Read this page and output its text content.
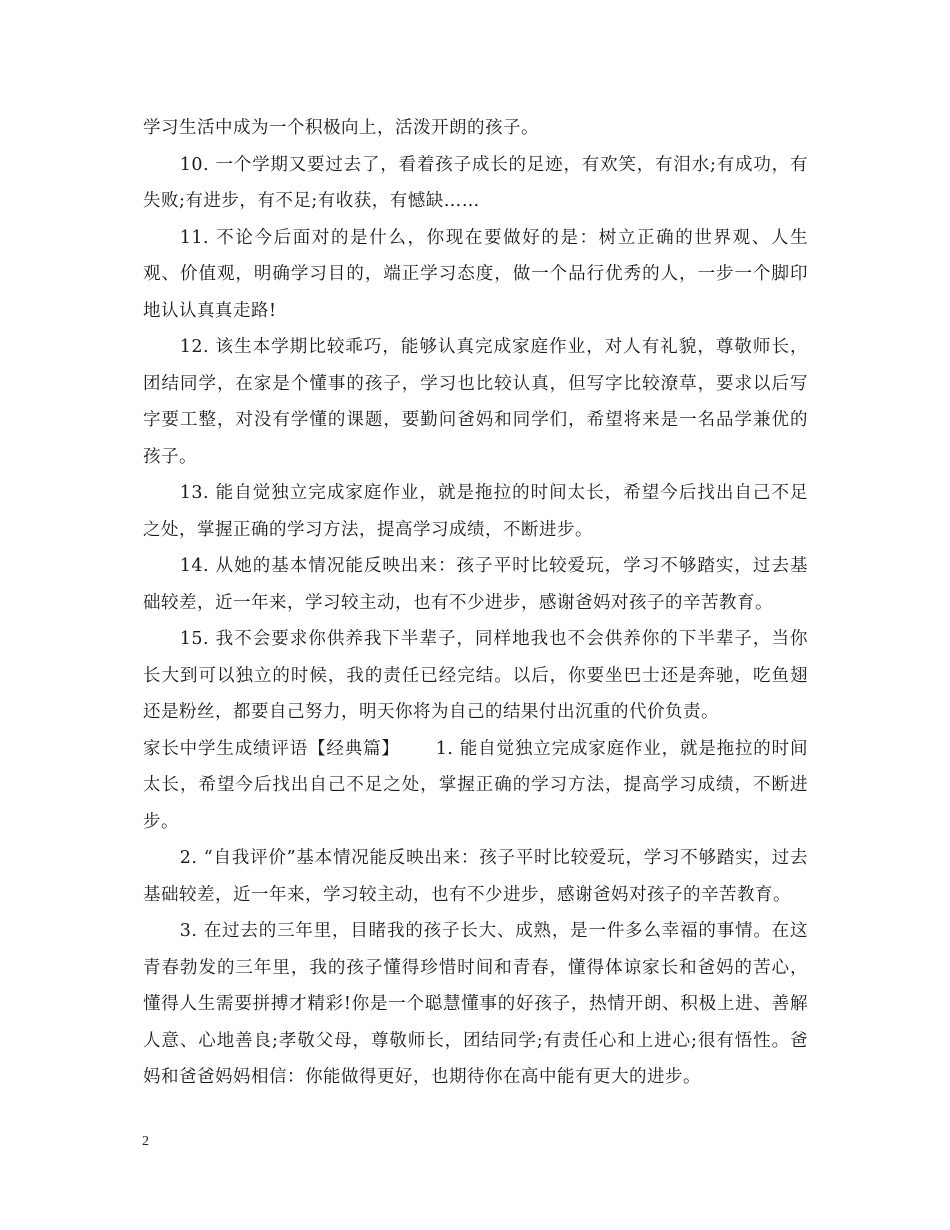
学习生活中成为一个积极向上，活泼开朗的孩子。

10. 一个学期又要过去了，看着孩子成长的足迹，有欢笑，有泪水;有成功，有失败;有进步，有不足;有收获，有憾缺……

11. 不论今后面对的是什么，你现在要做好的是：树立正确的世界观、人生观、价值观，明确学习目的，端正学习态度，做一个品行优秀的人，一步一个脚印地认认真真走路!

12. 该生本学期比较乖巧，能够认真完成家庭作业，对人有礼貌，尊敬师长，团结同学，在家是个懂事的孩子，学习也比较认真，但写字比较潦草，要求以后写字要工整，对没有学懂的课题，要勤问爸妈和同学们，希望将来是一名品学兼优的孩子。

13. 能自觉独立完成家庭作业，就是拖拉的时间太长，希望今后找出自己不足之处，掌握正确的学习方法，提高学习成绩，不断进步。

14. 从她的基本情况能反映出来：孩子平时比较爱玩，学习不够踏实，过去基础较差，近一年来，学习较主动，也有不少进步，感谢爸妈对孩子的辛苦教育。

15. 我不会要求你供养我下半辈子，同样地我也不会供养你的下半辈子，当你长大到可以独立的时候，我的责任已经完结。以后，你要坐巴士还是奔驰，吃鱼翅还是粉丝，都要自己努力，明天你将为自己的结果付出沉重的代价负责。

家长中学生成绩评语【经典篇】 1. 能自觉独立完成家庭作业，就是拖拉的时间太长，希望今后找出自己不足之处，掌握正确的学习方法，提高学习成绩，不断进步。

2. “自我评价”基本情况能反映出来：孩子平时比较爱玩，学习不够踏实，过去基础较差，近一年来，学习较主动，也有不少进步，感谢爸妈对孩子的辛苦教育。

3. 在过去的三年里，目睹我的孩子长大、成熟，是一件多么幸福的事情。在这青春勃发的三年里，我的孩子懂得珍惜时间和青春，懂得体谅家长和爸妈的苦心，懂得人生需要拼搏才精彩!你是一个聪慧懂事的好孩子，热情开朗、积极上进、善解人意、心地善良;孝敬父母，尊敬师长，团结同学;有责任心和上进心;很有悟性。爸妈和爸爸妈妈相信：你能做得更好，也期待你在高中能有更大的进步。

2
